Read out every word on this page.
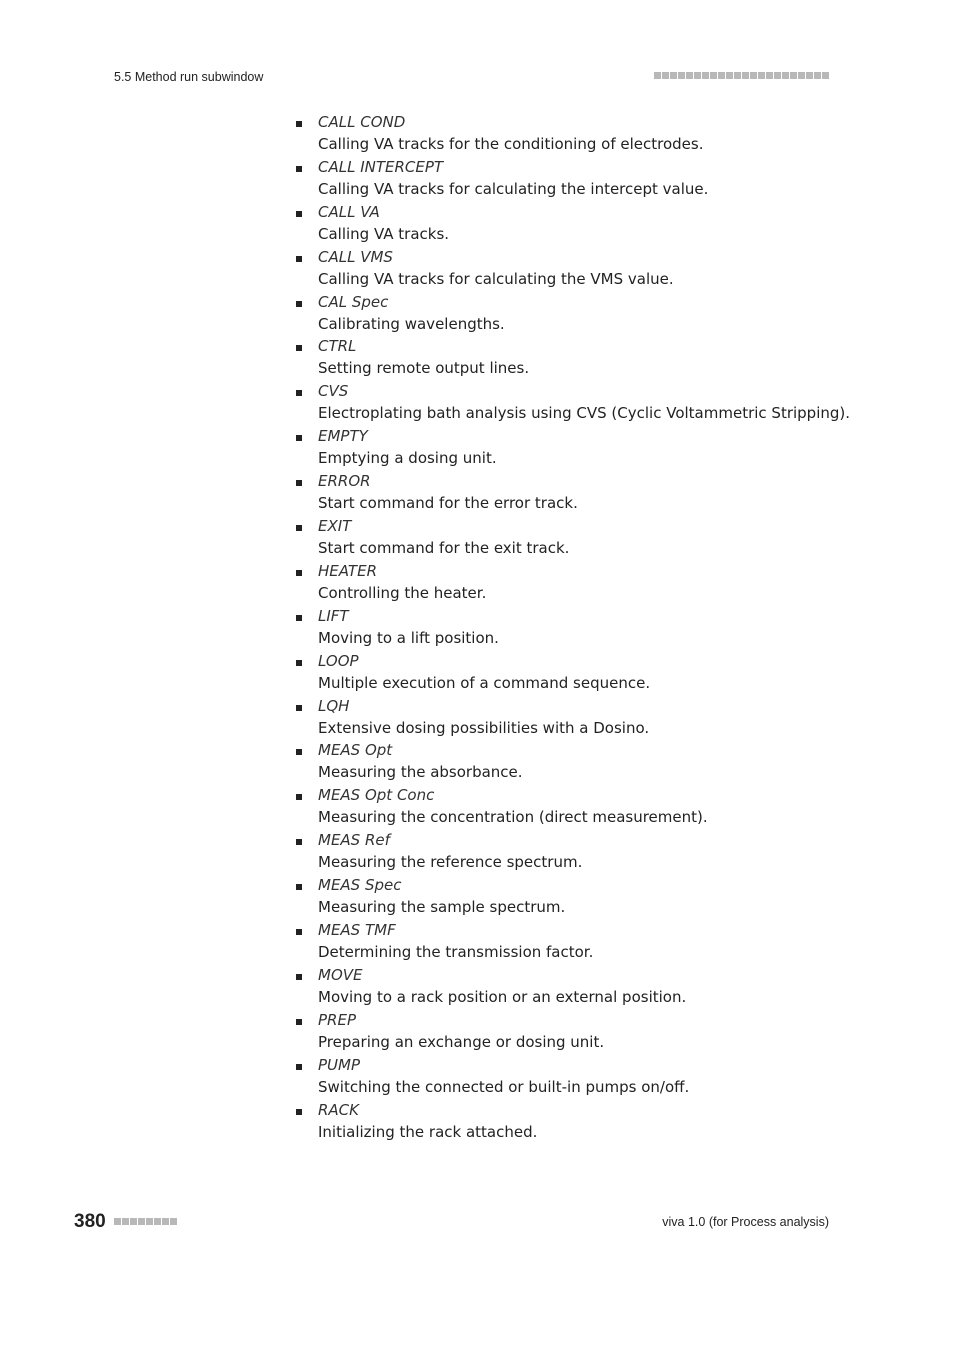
5.5 Method run subwindow
CALL COND
Calling VA tracks for the conditioning of electrodes.
CALL INTERCEPT
Calling VA tracks for calculating the intercept value.
CALL VA
Calling VA tracks.
CALL VMS
Calling VA tracks for calculating the VMS value.
CAL Spec
Calibrating wavelengths.
CTRL
Setting remote output lines.
CVS
Electroplating bath analysis using CVS (Cyclic Voltammetric Stripping).
EMPTY
Emptying a dosing unit.
ERROR
Start command for the error track.
EXIT
Start command for the exit track.
HEATER
Controlling the heater.
LIFT
Moving to a lift position.
LOOP
Multiple execution of a command sequence.
LQH
Extensive dosing possibilities with a Dosino.
MEAS Opt
Measuring the absorbance.
MEAS Opt Conc
Measuring the concentration (direct measurement).
MEAS Ref
Measuring the reference spectrum.
MEAS Spec
Measuring the sample spectrum.
MEAS TMF
Determining the transmission factor.
MOVE
Moving to a rack position or an external position.
PREP
Preparing an exchange or dosing unit.
PUMP
Switching the connected or built-in pumps on/off.
RACK
Initializing the rack attached.
380	viva 1.0 (for Process analysis)
